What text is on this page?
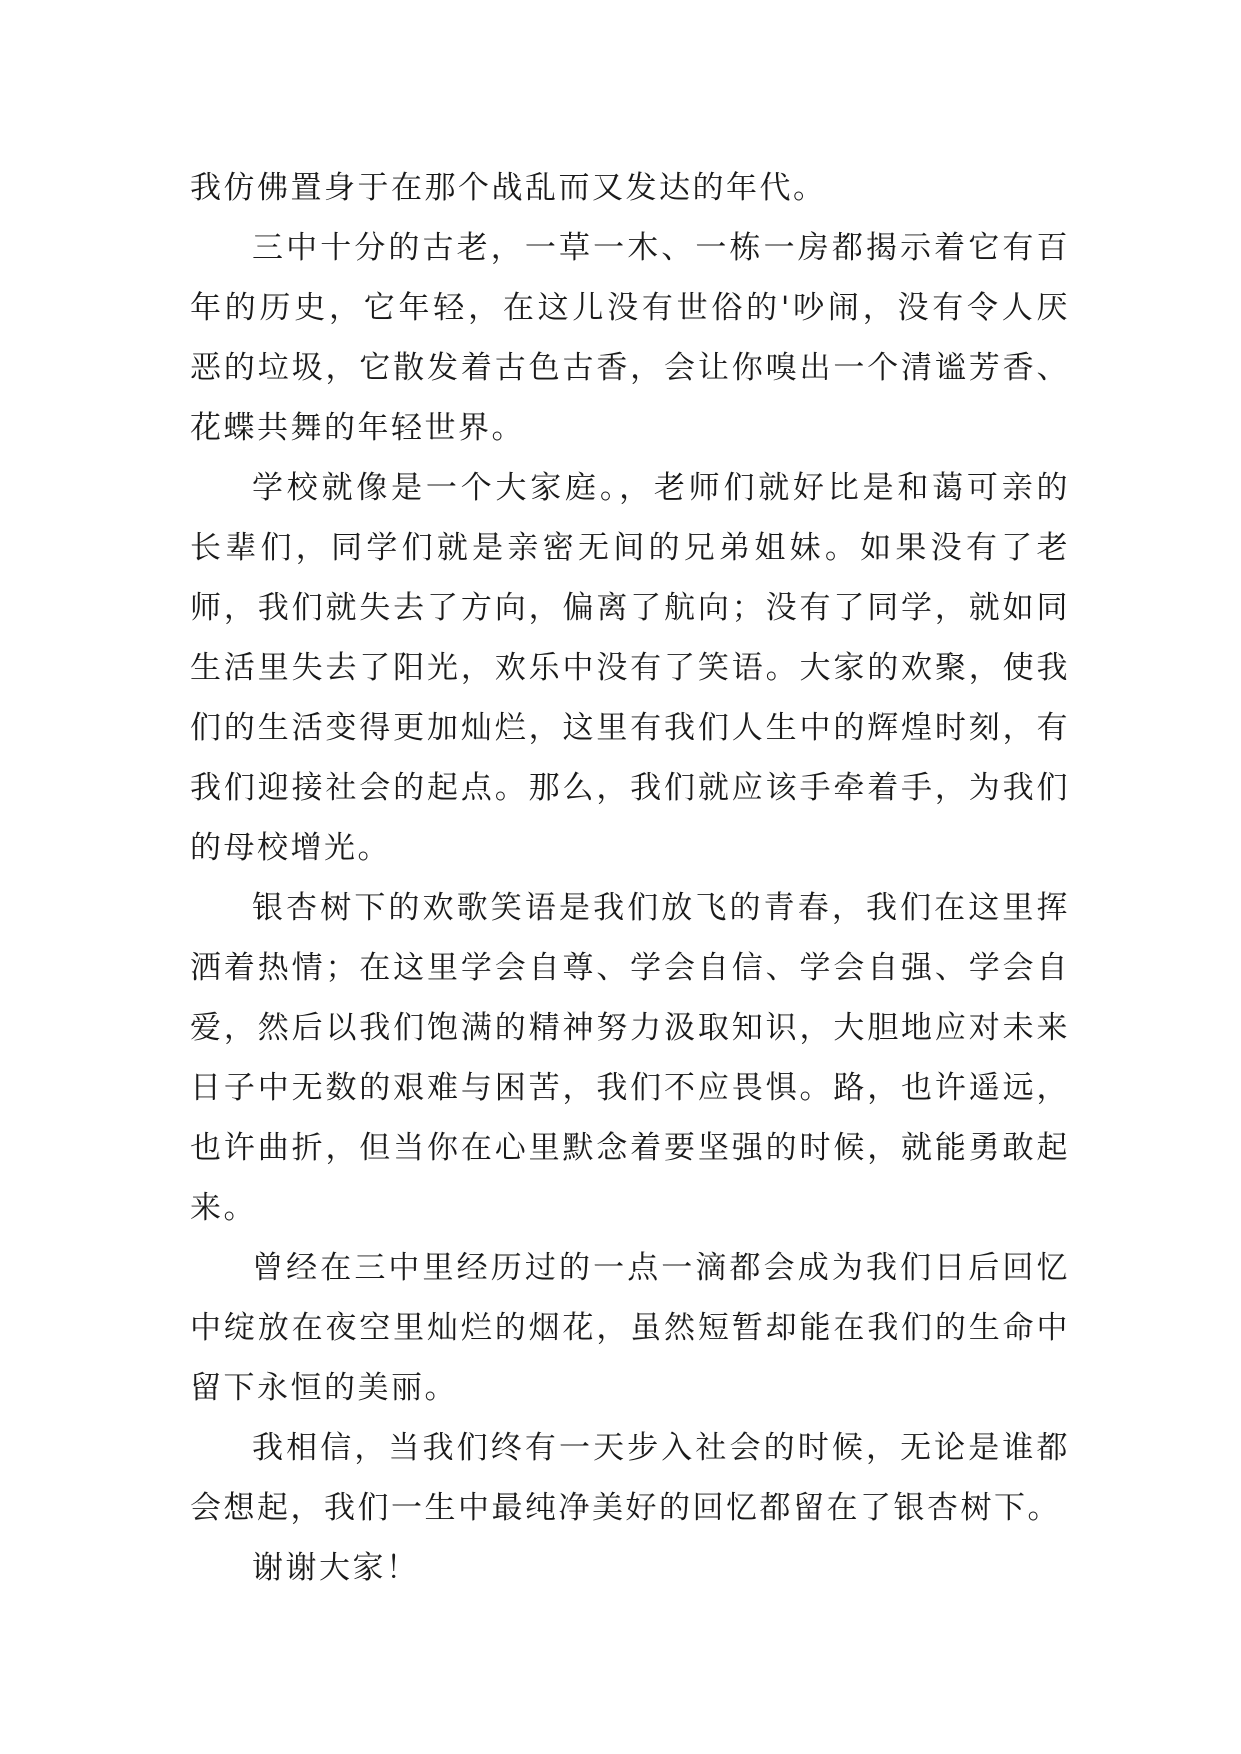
我仿佛置身于在那个战乱而又发达的年代。

三中十分的古老，一草一木、一栋一房都揭示着它有百年的历史，它年轻，在这儿没有世俗的'吵闹，没有令人厌恶的垃圾，它散发着古色古香，会让你嗅出一个清谧芳香、花蝶共舞的年轻世界。

学校就像是一个大家庭。，老师们就好比是和蔼可亲的长辈们，同学们就是亲密无间的兄弟姐妹。如果没有了老师，我们就失去了方向，偏离了航向；没有了同学，就如同生活里失去了阳光，欢乐中没有了笑语。大家的欢聚，使我们的生活变得更加灿烂，这里有我们人生中的辉煌时刻，有我们迎接社会的起点。那么，我们就应该手牵着手，为我们的母校增光。

银杏树下的欢歌笑语是我们放飞的青春，我们在这里挥洒着热情；在这里学会自尊、学会自信、学会自强、学会自爱，然后以我们饱满的精神努力汲取知识，大胆地应对未来日子中无数的艰难与困苦，我们不应畏惧。路，也许遥远，也许曲折，但当你在心里默念着要坚强的时候，就能勇敢起来。

曾经在三中里经历过的一点一滴都会成为我们日后回忆中绽放在夜空里灿烂的烟花，虽然短暂却能在我们的生命中留下永恒的美丽。

我相信，当我们终有一天步入社会的时候，无论是谁都会想起，我们一生中最纯净美好的回忆都留在了银杏树下。

谢谢大家！
